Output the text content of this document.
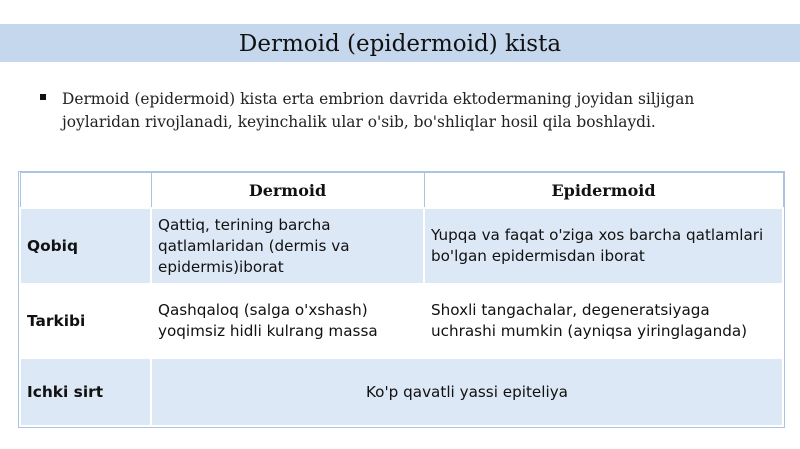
Dermoid (epidermoid) kista
Dermoid (epidermoid) kista erta embrion davrida ektodermaning joyidan siljigan joylaridan rivojlanadi, keyinchalik ular o'sib, bo'shliqlar hosil qila boshlaydi.
	Dermoid	Epidermoid
Qobiq	Qattiq, terining barcha qatlamlaridan (dermis va epidermis)iborat	Yupqa va faqat o'ziga xos barcha qatlamlari bo'lgan epidermisdan iborat
Tarkibi	Qashqaloq (salga o'xshash) yoqimsiz hidli kulrang massa	Shoxli tangachalar, degeneratsiyaga uchrashi mumkin (ayniqsa yiringlaganda)
Ichki sirt	Ko'p qavatli yassi epiteliya	
